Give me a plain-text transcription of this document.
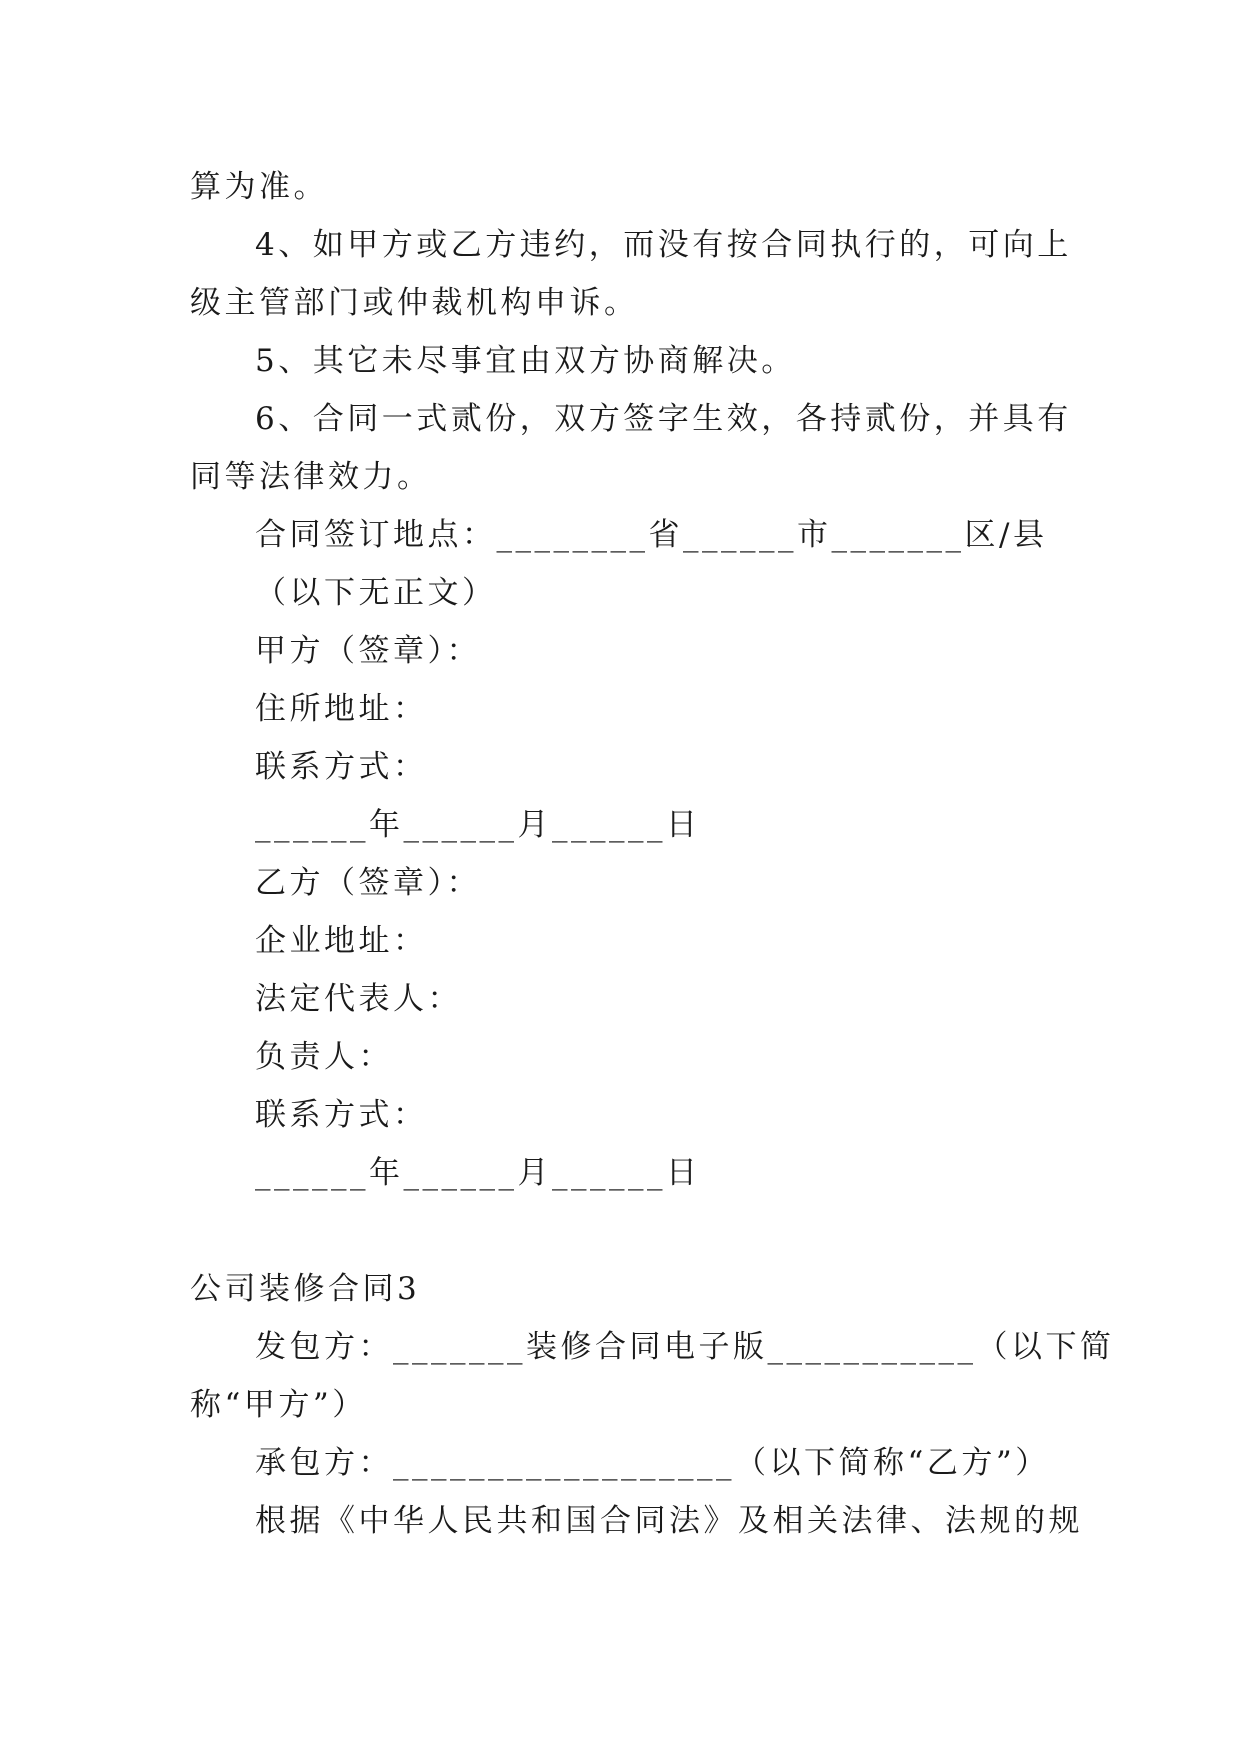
算为准。
4、如甲方或乙方违约，而没有按合同执行的，可向上
级主管部门或仲裁机构申诉。
5、其它未尽事宜由双方协商解决。
6、合同一式贰份，双方签字生效，各持贰份，并具有
同等法律效力。
合同签订地点：________省______市_______区/县
（以下无正文）
甲方（签章）：
住所地址：
联系方式：
______年______月______日
乙方（签章）：
企业地址：
法定代表人：
负责人：
联系方式：
______年______月______日
公司装修合同3
发包方：_______装修合同电子版___________（以下简
称“甲方”）
承包方：__________________（以下简称“乙方”）
根据《中华人民共和国合同法》及相关法律、法规的规
